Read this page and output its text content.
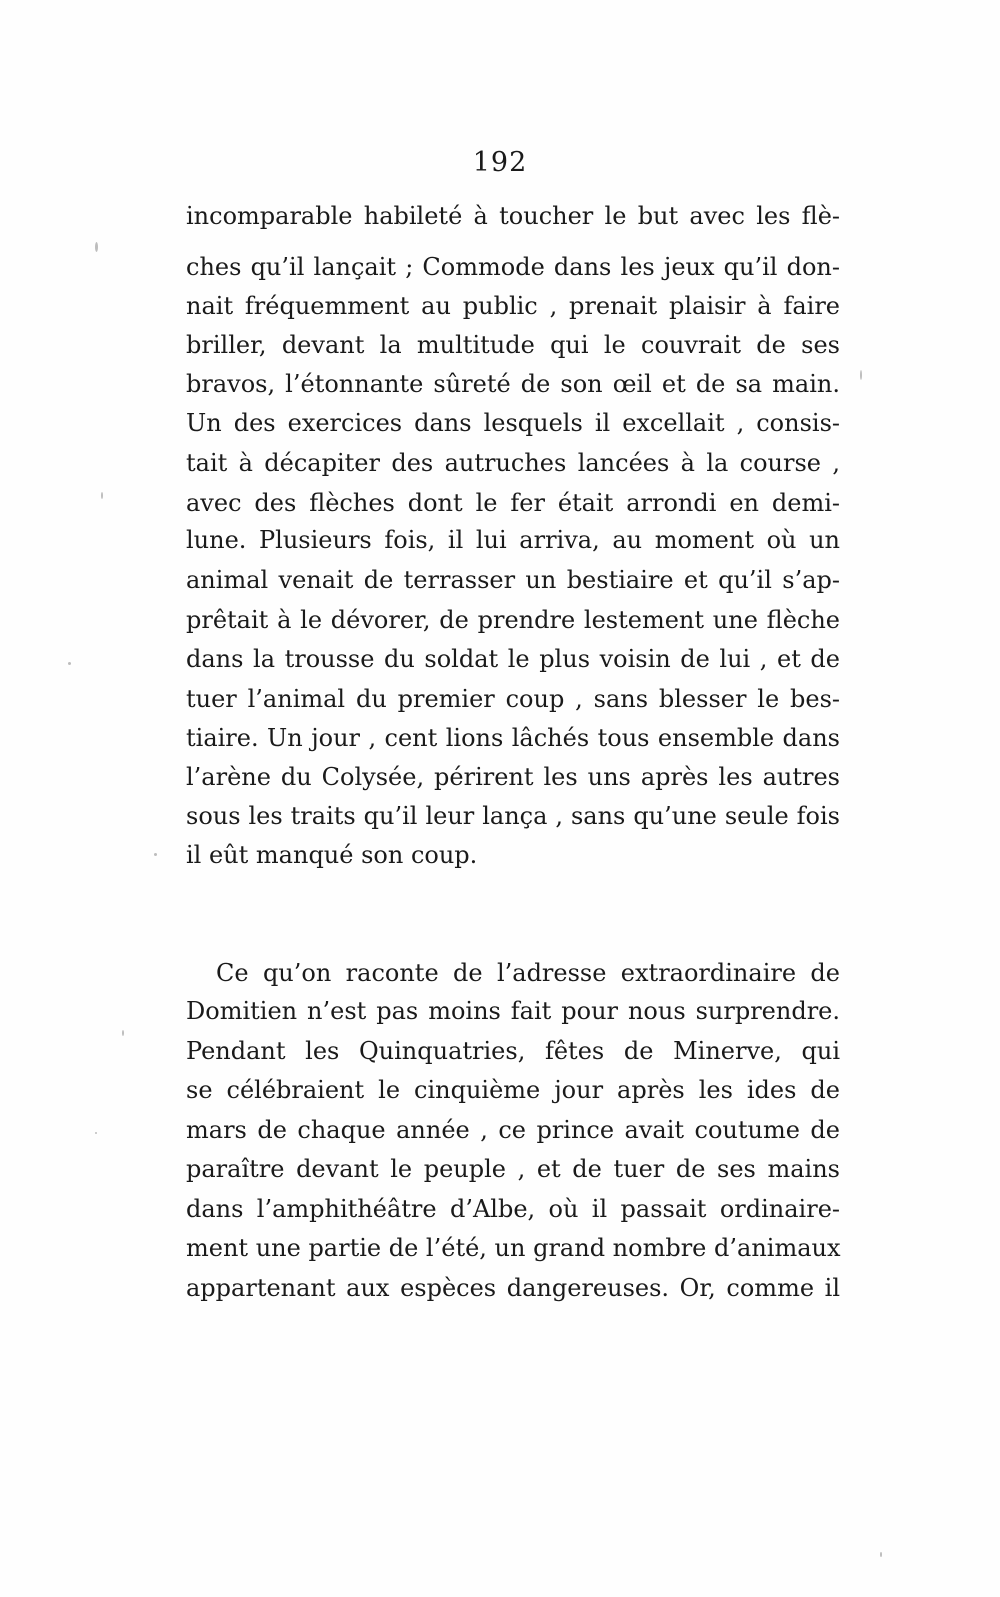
192
incomparable habileté à toucher le but avec les flè-
ches qu’il lançait ; Commode dans les jeux qu’il don-
nait fréquemment au public , prenait plaisir à faire
briller, devant la multitude qui le couvrait de ses
bravos, l’étonnante sûreté de son œil et de sa main.
Un des exercices dans lesquels il excellait , consis-
tait à décapiter des autruches lancées à la course ,
avec des flèches dont le fer était arrondi en demi-
lune. Plusieurs fois, il lui arriva, au moment où un
animal venait de terrasser un bestiaire et qu’il s’ap-
prêtait à le dévorer, de prendre lestement une flèche
dans la trousse du soldat le plus voisin de lui , et de
tuer l’animal du premier coup , sans blesser le bes-
tiaire. Un jour , cent lions lâchés tous ensemble dans
l’arène du Colysée, périrent les uns après les autres
sous les traits qu’il leur lança , sans qu’une seule fois
il eût manqué son coup.
Ce qu’on raconte de l’adresse extraordinaire de
Domitien n’est pas moins fait pour nous surprendre.
Pendant les Quinquatries, fêtes de Minerve, qui
se célébraient le cinquième jour après les ides de
mars de chaque année , ce prince avait coutume de
paraître devant le peuple , et de tuer de ses mains
dans l’amphithéâtre d’Albe, où il passait ordinaire-
ment une partie de l’été, un grand nombre d’animaux
appartenant aux espèces dangereuses. Or, comme il
